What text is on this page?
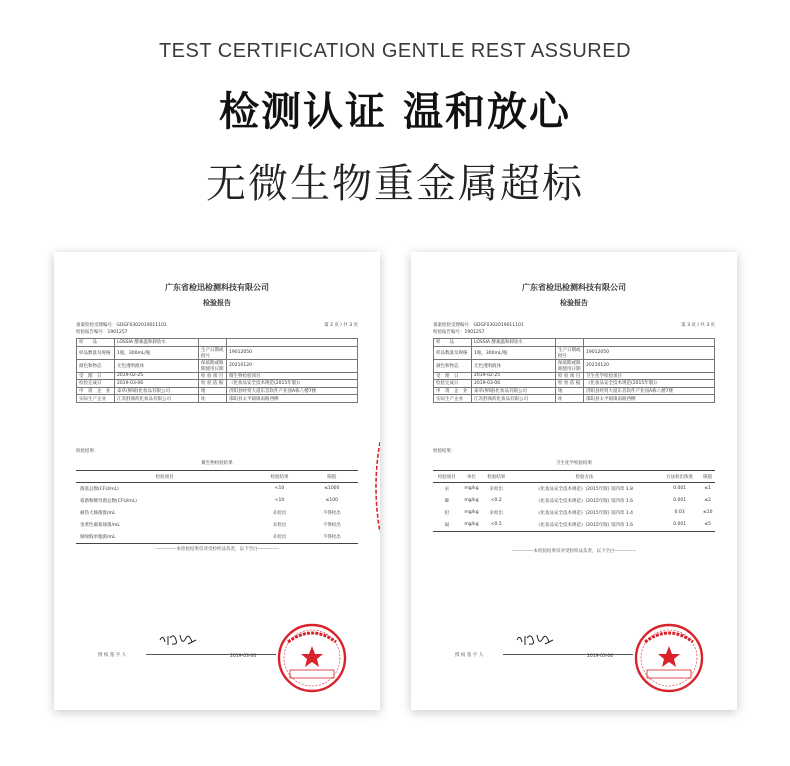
TEST CERTIFICATION GENTLE REST ASSURED
检测认证 温和放心
无微生物重金属超标
广东省检迅检测科技有限公司
检验报告
备案检验受理编号：GDGF0302019011101
检验报告编号：1901257
第 2 页 / 共 3 页
样　　品	LOSSIA 酵素温和卸妆水		
样品数量及规格	1瓶，300mL/瓶	生产日期或批号	19012050
颜色和物态	无色透明液体	保质期或限期使用日期	20210120
受　理　日	2019-02-25	检 验 项 目	微生物检验项目
检验完成日	2019-03-06	检 验 依 据	《化妆品安全技术规范(2015年版)》
申　请　企　业	泰草(鲜晴)化妆品有限公司	地	济阳县经贸大道东首软件产业园A栋八楼7楼
实际生产企业	江苏舒颜药化妆品有限公司	址	邵阳县太平镇镇南路西侧
检验结果：
微生物检验结果
检验项目	检验结果	限值
菌落总数(CFU/mL)	<10	≤1000
霉菌和酵母菌总数(CFU/mL)	<10	≤100
耐热大肠菌群/mL	未检出	不得检出
金黄色葡萄球菌/mL	未检出	不得检出
铜绿假单胞菌/mL	未检出	不得检出
-------------本检验结果仅对受检样品负责，以下空白-------------
授 权 签 字 人	2019-03-06
广东省检迅检测科技有限公司
检验报告
备案检验受理编号：GDGF0302019011101
检验报告编号：1901257
第 3 页 / 共 3 页
样　　品	LOSSIA 酵素温和卸妆水		
样品数量及规格	1瓶，300mL/瓶	生产日期或批号	19012050
颜色和物态	无色透明液体	保质期或限期使用日期	20210120
受　理　日	2019-02-25	检 验 项 目	卫生化学检验项目
检验完成日	2019-03-06	检 验 依 据	《化妆品安全技术规范(2015年版)》
申　请　企　业	泰草(鲜晴)化妆品有限公司	地	济阳县经贸大道东首软件产业园A栋八楼7楼
实际生产企业	江苏舒颜药化妆品有限公司	址	邵阳县太平镇镇南路西侧
检验结果：
卫生化学检验结果
检验项目	单位	检验结果	检验方法	方法检出浓度	限值
汞	mg/kg	未检出	《化妆品安全技术规范》(2015年版) 第四章 1.8	0.001	≤1
砷	mg/kg	<0.2	《化妆品安全技术规范》(2015年版) 第四章 1.6	0.001	≤2
铅	mg/kg	未检出	《化妆品安全技术规范》(2015年版) 第四章 1.4	0.03	≤10
镉	mg/kg	<0.5	《化妆品安全技术规范》(2015年版) 第四章 1.6	0.001	≤5
-------------本检验结果仅对受检样品负责，以下空白-------------
授 权 签 字 人	2019-03-06
